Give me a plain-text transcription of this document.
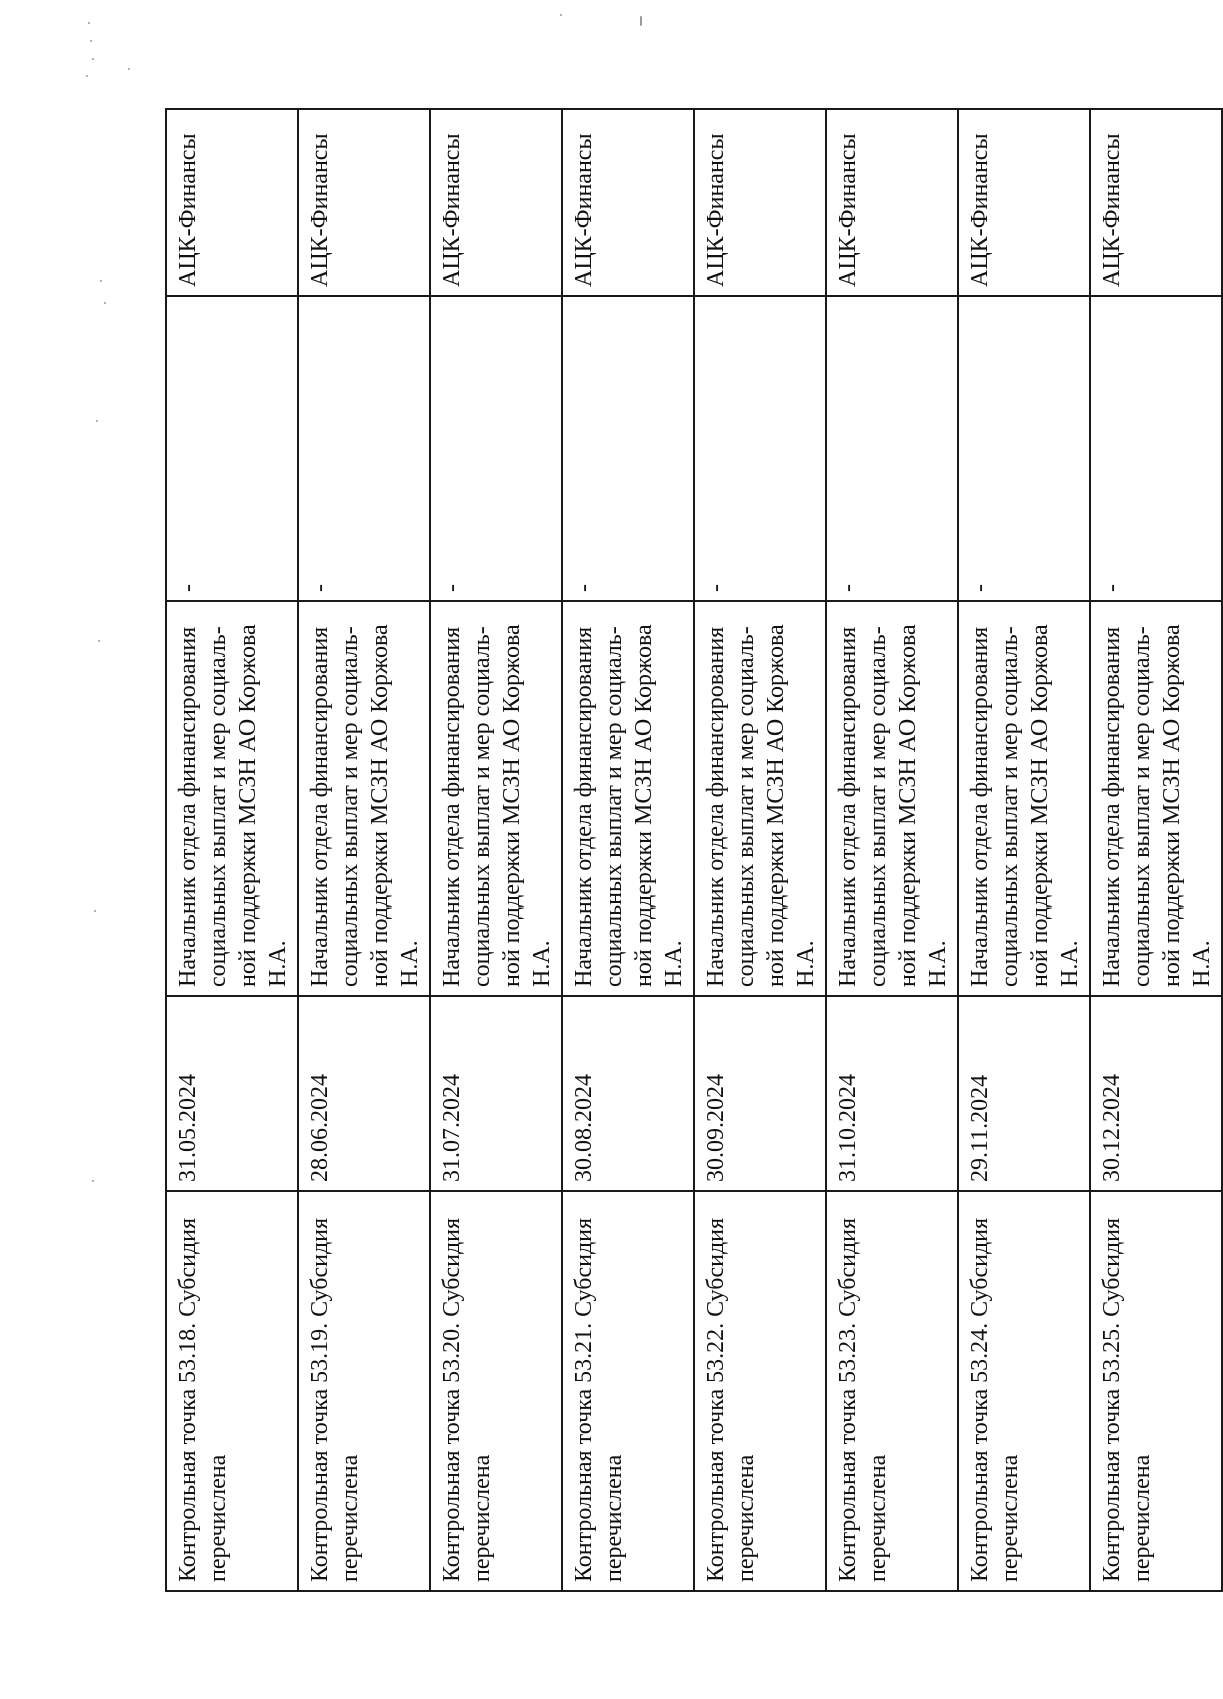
Контрольная точка 53.18. Субсидия
перечислена	31.05.2024	Начальник отдела финансирования
социальных выплат и мер социаль-
ной поддержки МСЗН АО Коржова
Н.А.	-	АЦК-Финансы
Контрольная точка 53.19. Субсидия
перечислена	28.06.2024	Начальник отдела финансирования
социальных выплат и мер социаль-
ной поддержки МСЗН АО Коржова
Н.А.	-	АЦК-Финансы
Контрольная точка 53.20. Субсидия
перечислена	31.07.2024	Начальник отдела финансирования
социальных выплат и мер социаль-
ной поддержки МСЗН АО Коржова
Н.А.	-	АЦК-Финансы
Контрольная точка 53.21. Субсидия
перечислена	30.08.2024	Начальник отдела финансирования
социальных выплат и мер социаль-
ной поддержки МСЗН АО Коржова
Н.А.	-	АЦК-Финансы
Контрольная точка 53.22. Субсидия
перечислена	30.09.2024	Начальник отдела финансирования
социальных выплат и мер социаль-
ной поддержки МСЗН АО Коржова
Н.А.	-	АЦК-Финансы
Контрольная точка 53.23. Субсидия
перечислена	31.10.2024	Начальник отдела финансирования
социальных выплат и мер социаль-
ной поддержки МСЗН АО Коржова
Н.А.	-	АЦК-Финансы
Контрольная точка 53.24. Субсидия
перечислена	29.11.2024	Начальник отдела финансирования
социальных выплат и мер социаль-
ной поддержки МСЗН АО Коржова
Н.А.	-	АЦК-Финансы
Контрольная точка 53.25. Субсидия
перечислена	30.12.2024	Начальник отдела финансирования
социальных выплат и мер социаль-
ной поддержки МСЗН АО Коржова
Н.А.	-	АЦК-Финансы
